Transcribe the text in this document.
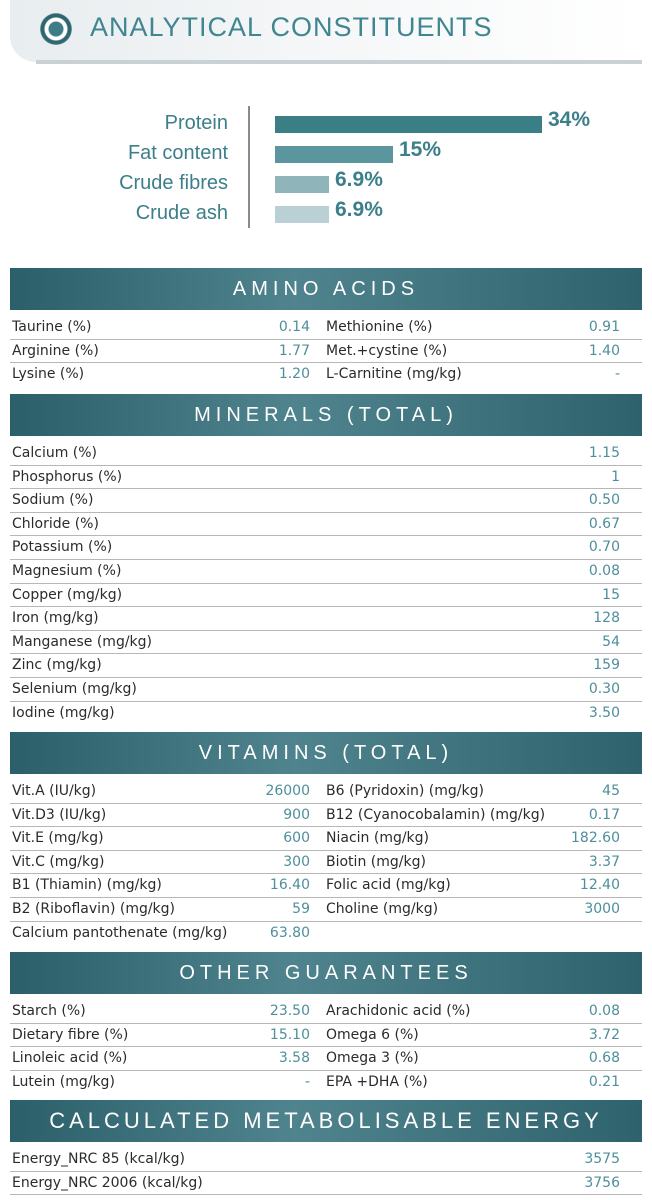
ANALYTICAL CONSTITUENTS
Protein	34%
Fat content	15%
Crude fibres	6.9%
Crude ash	6.9%
AMINO ACIDS
Taurine (%)	0.14 Methionine (%)	0.91
Arginine (%)	1.77 Met.+cystine (%)	1.40
Lysine (%)	1.20 L-Carnitine (mg/kg)	-
MINERALS (TOTAL)
Calcium (%)	1.15
Phosphorus (%)	1
Sodium (%)	0.50
Chloride (%)	0.67
Potassium (%)	0.70
Magnesium (%)	0.08
Copper (mg/kg)	15
Iron (mg/kg)	128
Manganese (mg/kg)	54
Zinc (mg/kg)	159
Selenium (mg/kg)	0.30
Iodine (mg/kg)	3.50
VITAMINS (TOTAL)
Vit.A (IU/kg)	26000 B6 (Pyridoxin) (mg/kg)	45
Vit.D3 (IU/kg)	900 B12 (Cyanocobalamin) (mg/kg)	0.17
Vit.E (mg/kg)	600 Niacin (mg/kg)	182.60
Vit.C (mg/kg)	300 Biotin (mg/kg)	3.37
B1 (Thiamin) (mg/kg)	16.40 Folic acid (mg/kg)	12.40
B2 (Riboflavin) (mg/kg)	59 Choline (mg/kg)	3000
Calcium pantothenate (mg/kg)	63.80
OTHER GUARANTEES
Starch (%)	23.50 Arachidonic acid (%)	0.08
Dietary fibre (%)	15.10 Omega 6 (%)	3.72
Linoleic acid (%)	3.58 Omega 3 (%)	0.68
Lutein (mg/kg)	- EPA +DHA (%)	0.21
CALCULATED METABOLISABLE ENERGY
Energy_NRC 85 (kcal/kg)	3575
Energy_NRC 2006 (kcal/kg)	3756
